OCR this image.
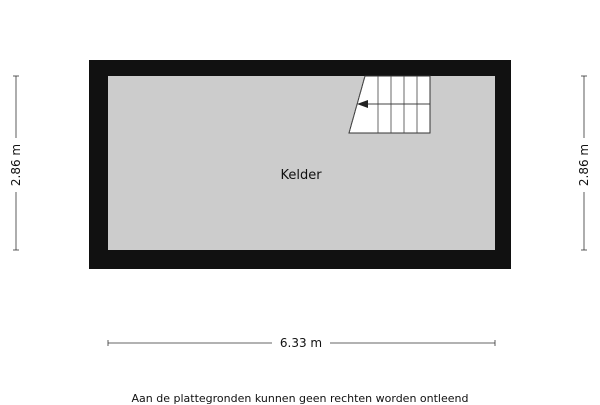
Kelder
2.86 m	2.86 m
6.33 m
Aan de plattegronden kunnen geen rechten worden ontleend
